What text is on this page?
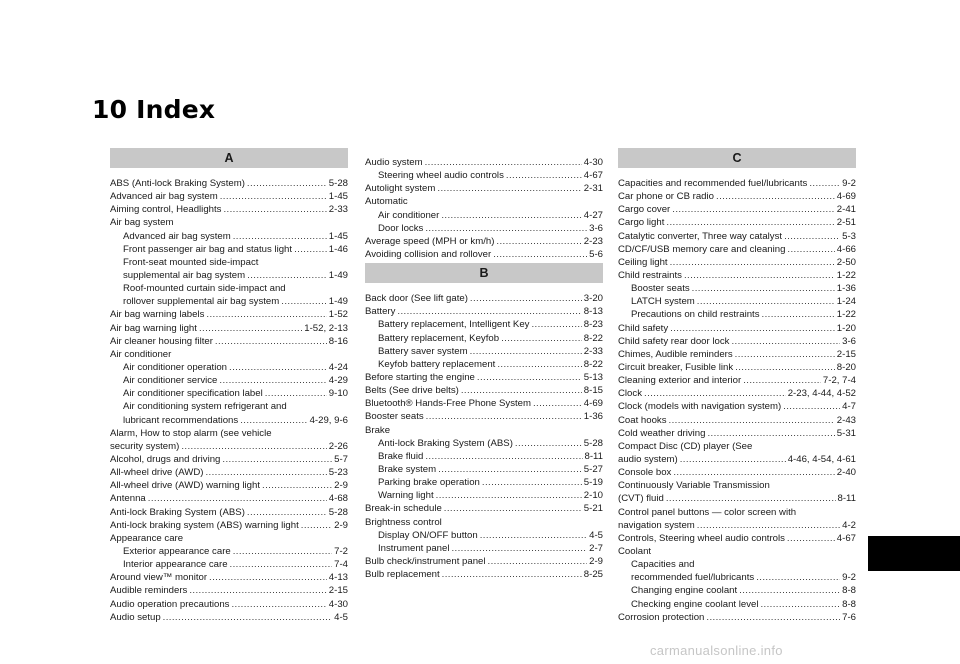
10 Index
A
ABS (Anti-lock Braking System) .....	5-28
Advanced air bag system .....	1-45
Aiming control, Headlights .....	2-33
Air bag system
Advanced air bag system .....	1-45
Front passenger air bag and status light .....	1-46
Front-seat mounted side-impact
supplemental air bag system .....	1-49
Roof-mounted curtain side-impact and
rollover supplemental air bag system .....	1-49
Air bag warning labels .....	1-52
Air bag warning light .....	1-52, 2-13
Air cleaner housing filter .....	8-16
Air conditioner
Air conditioner operation .....	4-24
Air conditioner service .....	4-29
Air conditioner specification label .....	9-10
Air conditioning system refrigerant and
lubricant recommendations .....	4-29, 9-6
Alarm, How to stop alarm (see vehicle
security system) .....	2-26
Alcohol, drugs and driving .....	5-7
All-wheel drive (AWD) .....	5-23
All-wheel drive (AWD) warning light .....	2-9
Antenna .....	4-68
Anti-lock Braking System (ABS) .....	5-28
Anti-lock braking system (ABS) warning light .....	2-9
Appearance care
Exterior appearance care .....	7-2
Interior appearance care .....	7-4
Around view™ monitor .....	4-13
Audible reminders .....	2-15
Audio operation precautions .....	4-30
Audio setup .....	4-5
Audio system .....	4-30
Steering wheel audio controls .....	4-67
Autolight system .....	2-31
Automatic
Air conditioner .....	4-27
Door locks .....	3-6
Average speed (MPH or km/h) .....	2-23
Avoiding collision and rollover .....	5-6
B
Back door (See lift gate) .....	3-20
Battery .....	8-13
Battery replacement, Intelligent Key .....	8-23
Battery replacement, Keyfob .....	8-22
Battery saver system .....	2-33
Keyfob battery replacement .....	8-22
Before starting the engine .....	5-13
Belts (See drive belts) .....	8-15
Bluetooth® Hands-Free Phone System .....	4-69
Booster seats .....	1-36
Brake
Anti-lock Braking System (ABS) .....	5-28
Brake fluid .....	8-11
Brake system .....	5-27
Parking brake operation .....	5-19
Warning light .....	2-10
Break-in schedule .....	5-21
Brightness control
Display ON/OFF button .....	4-5
Instrument panel .....	2-7
Bulb check/instrument panel .....	2-9
Bulb replacement .....	8-25
C
Capacities and recommended fuel/lubricants .....	9-2
Car phone or CB radio .....	4-69
Cargo cover .....	2-41
Cargo light .....	2-51
Catalytic converter, Three way catalyst .....	5-3
CD/CF/USB memory care and cleaning .....	4-66
Ceiling light .....	2-50
Child restraints .....	1-22
Booster seats .....	1-36
LATCH system .....	1-24
Precautions on child restraints .....	1-22
Child safety .....	1-20
Child safety rear door lock .....	3-6
Chimes, Audible reminders .....	2-15
Circuit breaker, Fusible link .....	8-20
Cleaning exterior and interior .....	7-2, 7-4
Clock .....	2-23, 4-44, 4-52
Clock (models with navigation system) .....	4-7
Coat hooks .....	2-43
Cold weather driving .....	5-31
Compact Disc (CD) player (See
audio system) .....	4-46, 4-54, 4-61
Console box .....	2-40
Continuously Variable Transmission
(CVT) fluid .....	8-11
Control panel buttons — color screen with
navigation system .....	4-2
Controls, Steering wheel audio controls .....	4-67
Coolant
Capacities and
recommended fuel/lubricants .....	9-2
Changing engine coolant .....	8-8
Checking engine coolant level .....	8-8
Corrosion protection .....	7-6
carmanualsonline.info
